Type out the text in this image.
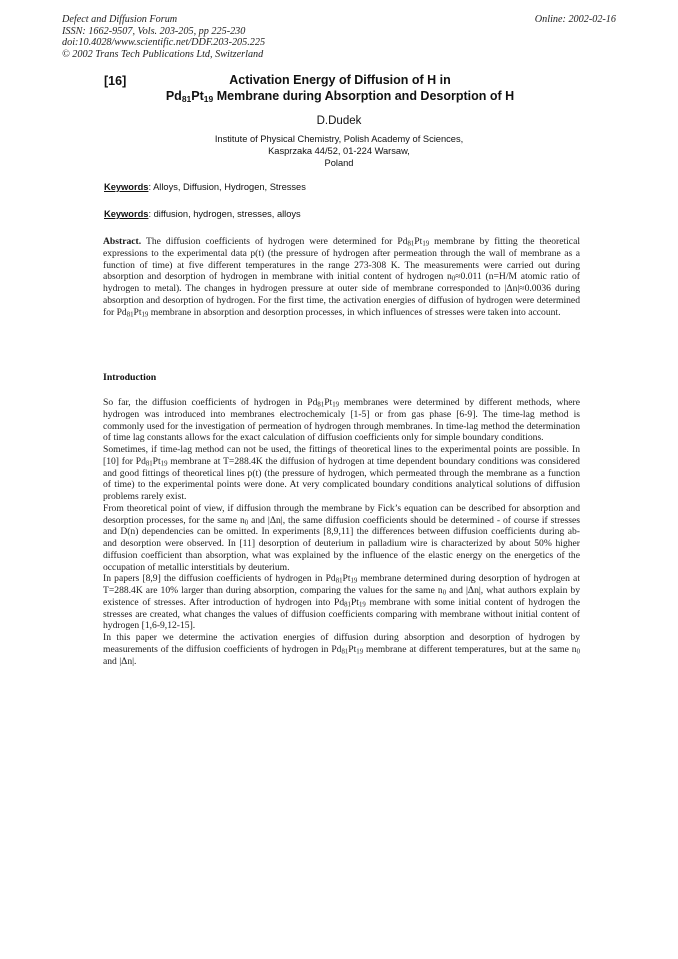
Defect and Diffusion Forum
ISSN: 1662-9507, Vols. 203-205, pp 225-230
doi:10.4028/www.scientific.net/DDF.203-205.225
© 2002 Trans Tech Publications Ltd, Switzerland
Online: 2002-02-16
[16]	Activation Energy of Diffusion of H in
$Pd_{81}Pt_{19}$ Membrane during Absorption and Desorption of H
D.Dudek
Institute of Physical Chemistry, Polish Academy of Sciences,
Kasprzaka 44/52, 01-224 Warsaw,
Poland
Keywords: Alloys, Diffusion, Hydrogen, Stresses
Keywords: diffusion, hydrogen, stresses, alloys
Abstract. The diffusion coefficients of hydrogen were determined for $Pd_{81}Pt_{19}$ membrane by fitting the theoretical expressions to the experimental data p(t) (the pressure of hydrogen after permeation through the wall of membrane as a function of time) at five different temperatures in the range 273-308 K. The measurements were carried out during absorption and desorption of hydrogen in membrane with initial content of hydrogen $n_0\approx 0.011$ (n=H/M atomic ratio of hydrogen to metal). The changes in hydrogen pressure at outer side of membrane corresponded to |Δn|≈0.0036 during absorption and desorption of hydrogen. For the first time, the activation energies of diffusion of hydrogen were determined for $Pd_{81}Pt_{19}$ membrane in absorption and desorption processes, in which influences of stresses were taken into account.
Introduction

So far, the diffusion coefficients of hydrogen in $Pd_{81}Pt_{19}$ membranes were determined by different methods, where hydrogen was introduced into membranes electrochemicaly [1-5] or from gas phase [6-9]. The time-lag method is commonly used for the investigation of permeation of hydrogen through membranes. In time-lag method the determination of time lag constants allows for the exact calculation of diffusion coefficients only for simple boundary conditions.

Sometimes, if time-lag method can not be used, the fittings of theoretical lines to the experimental points are possible. In [10] for $Pd_{81}Pt_{19}$ membrane at T=288.4K the diffusion of hydrogen at time dependent boundary conditions was considered and good fittings of theoretical lines p(t) (the pressure of hydrogen, which permeated through the membrane as a function of time) to the experimental points were done. At very complicated boundary conditions analytical solutions of diffusion problems rarely exist.

From theoretical point of view, if diffusion through the membrane by Fick’s equation can be described for absorption and desorption processes, for the same $n_0$ and |Δn|, the same diffusion coefficients should be determined - of course if stresses and D(n) dependencies can be omitted. In experiments [8,9,11] the differences between diffusion coefficients during ab- and desorption were observed. In [11] desorption of deuterium in palladium wire is characterized by about 50% higher diffusion coefficient than absorption, what was explained by the influence of the elastic energy on the energetics of the occupation of metallic interstitials by deuterium.

In papers [8,9] the diffusion coefficients of hydrogen in $Pd_{81}Pt_{19}$ membrane determined during desorption of hydrogen at T=288.4K are 10% larger than during absorption, comparing the values for the same $n_0$ and |Δn|, what authors explain by existence of stresses. After introduction of hydrogen into $Pd_{81}Pt_{19}$ membrane with some initial content of hydrogen the stresses are created, what changes the values of diffusion coefficients comparing with membrane without initial content of hydrogen [1,6-9,12-15].

In this paper we determine the activation energies of diffusion during absorption and desorption of hydrogen by measurements of the diffusion coefficients of hydrogen in $Pd_{81}Pt_{19}$ membrane at different temperatures, but at the same $n_0$ and |Δn|.
